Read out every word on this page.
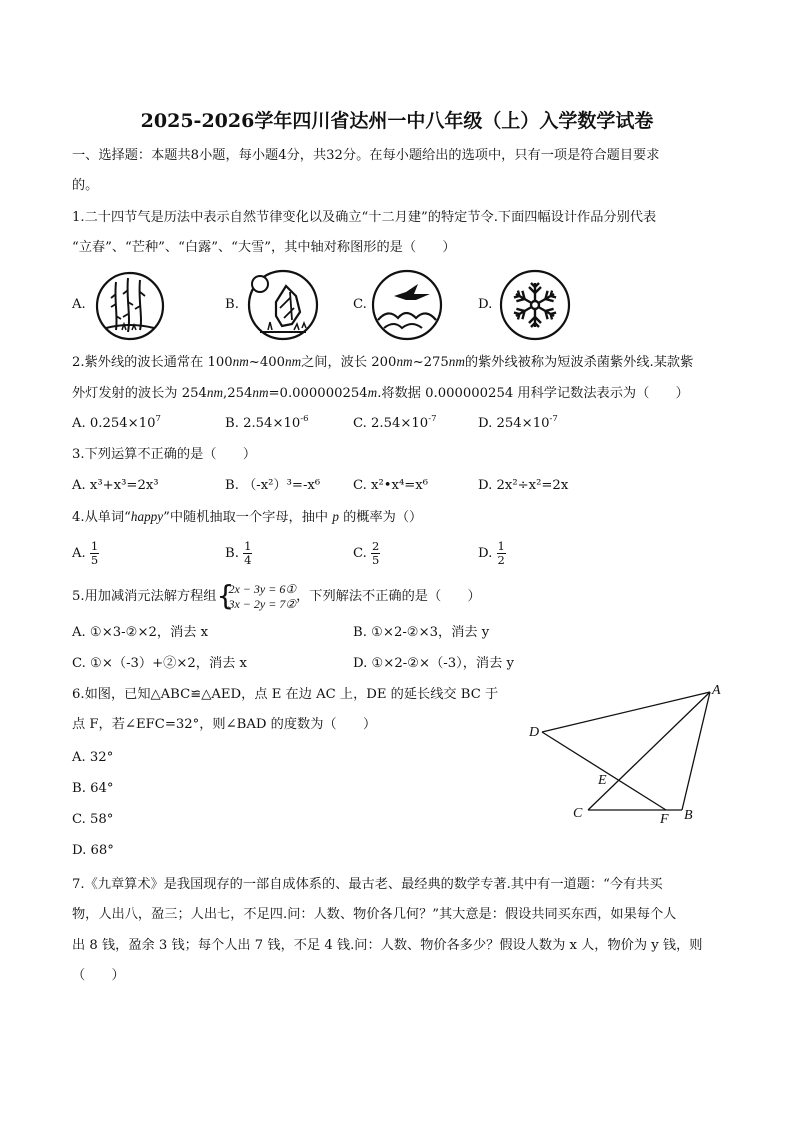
2025-2026学年四川省达州一中八年级（上）入学数学试卷
一、选择题：本题共8小题，每小题4分，共32分。在每小题给出的选项中，只有一项是符合题目要求
的。
1.二十四节气是历法中表示自然节律变化以及确立“十二月建”的特定节令.下面四幅设计作品分别代表
“立春”、“芒种”、“白露”、“大雪”，其中轴对称图形的是（　　）
A.	B.	C.	D.
2.紫外线的波长通常在 100nm~400nm之间，波长 200nm~275nm的紫外线被称为短波杀菌紫外线.某款紫
外灯发射的波长为 254nm,254nm=0.000000254m.将数据 0.000000254 用科学记数法表示为（　　）
A. $0.254\times 10^7$	B. $2.54\times 10^{-6}$	C. $2.54\times 10^{-7}$	D. $254\times 10^{-7}$
3.下列运算不正确的是（　　）
A. x³+x³=2x³	B. （-x²）³=-x⁶ C. x²•x⁴=x⁶	D. 2x²÷x²=2x
4.从单词“happy”中随机抽取一个字母，抽中 p 的概率为（）
A. $\frac{1}{5}$	B. $\frac{1}{4}$	C. $\frac{2}{5}$	D. $\frac{1}{2}$
5.用加减消元法解方程组 {
2x − 3y = 6①
3x − 2y = 7② ，下列解法不正确的是（　　）
A. ①×3-②×2，消去 x	B. ①×2-②×3，消去 y
C. ①×（-3）+②×2，消去 x	D. ①×2-②×（-3），消去 y
6.如图，已知△ABC≌△AED，点 E 在边 AC 上，DE 的延长线交 BC 于
点 F，若∠EFC=32°，则∠BAD 的度数为（　　）
A. 32°
B. 64°
C. 58°
D. 68°
A
B
C
D
E
F
7.《九章算术》是我国现存的一部自成体系的、最古老、最经典的数学专著.其中有一道题：“今有共买
物，人出八，盈三；人出七，不足四.问：人数、物价各几何？”其大意是：假设共同买东西，如果每个人
出 8 钱，盈余 3 钱；每个人出 7 钱，不足 4 钱.问：人数、物价各多少？假设人数为 x 人，物价为 y 钱，则
（　　）
